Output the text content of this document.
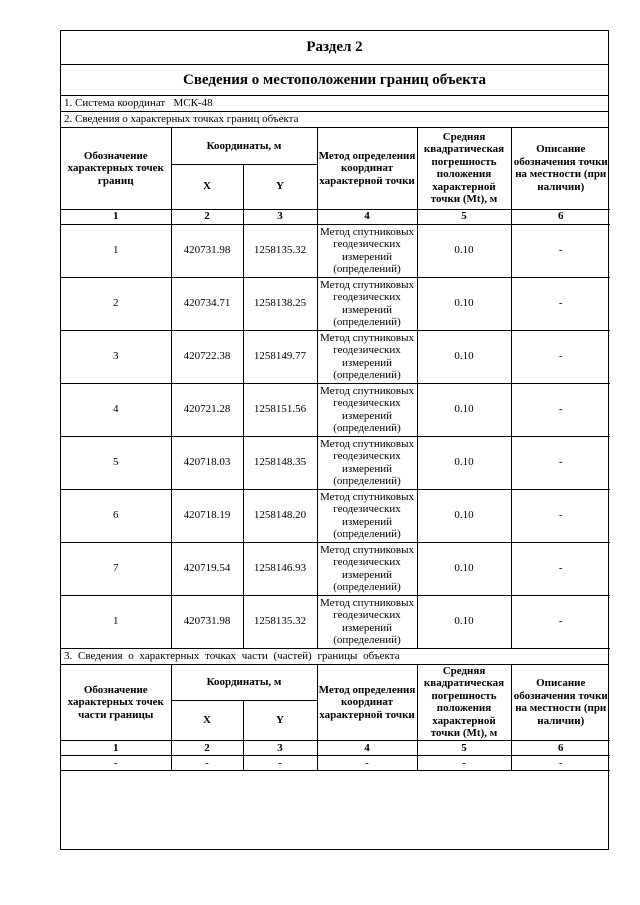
Раздел 2
Сведения о местоположении границ объекта
1. Система координат МСК-48
2. Сведения о характерных точках границ объекта
Обозначение характерных точек границ	Координаты, м		Метод определения координат характерной точки	Средняя квадратическая погрешность положения характерной точки (Mt), м	Описание обозначения точки на местности (при наличии)
	X	Y			
1	2	3	4	5	6
1	420731.98	1258135.32	Метод спутниковых геодезических измерений (определений)	0.10	-
2	420734.71	1258138.25	Метод спутниковых геодезических измерений (определений)	0.10	-
3	420722.38	1258149.77	Метод спутниковых геодезических измерений (определений)	0.10	-
4	420721.28	1258151.56	Метод спутниковых геодезических измерений (определений)	0.10	-
5	420718.03	1258148.35	Метод спутниковых геодезических измерений (определений)	0.10	-
6	420718.19	1258148.20	Метод спутниковых геодезических измерений (определений)	0.10	-
7	420719.54	1258146.93	Метод спутниковых геодезических измерений (определений)	0.10	-
1	420731.98	1258135.32	Метод спутниковых геодезических измерений (определений)	0.10	-
3. Сведения о характерных точках части (частей) границы объекта
Обозначение характерных точек части границы	Координаты, м		Метод определения координат характерной точки	Средняя квадратическая погрешность положения характерной точки (Mt), м	Описание обозначения точки на местности (при наличии)
	X	Y			
1	2	3	4	5	6
-	-	-	-	-	-
